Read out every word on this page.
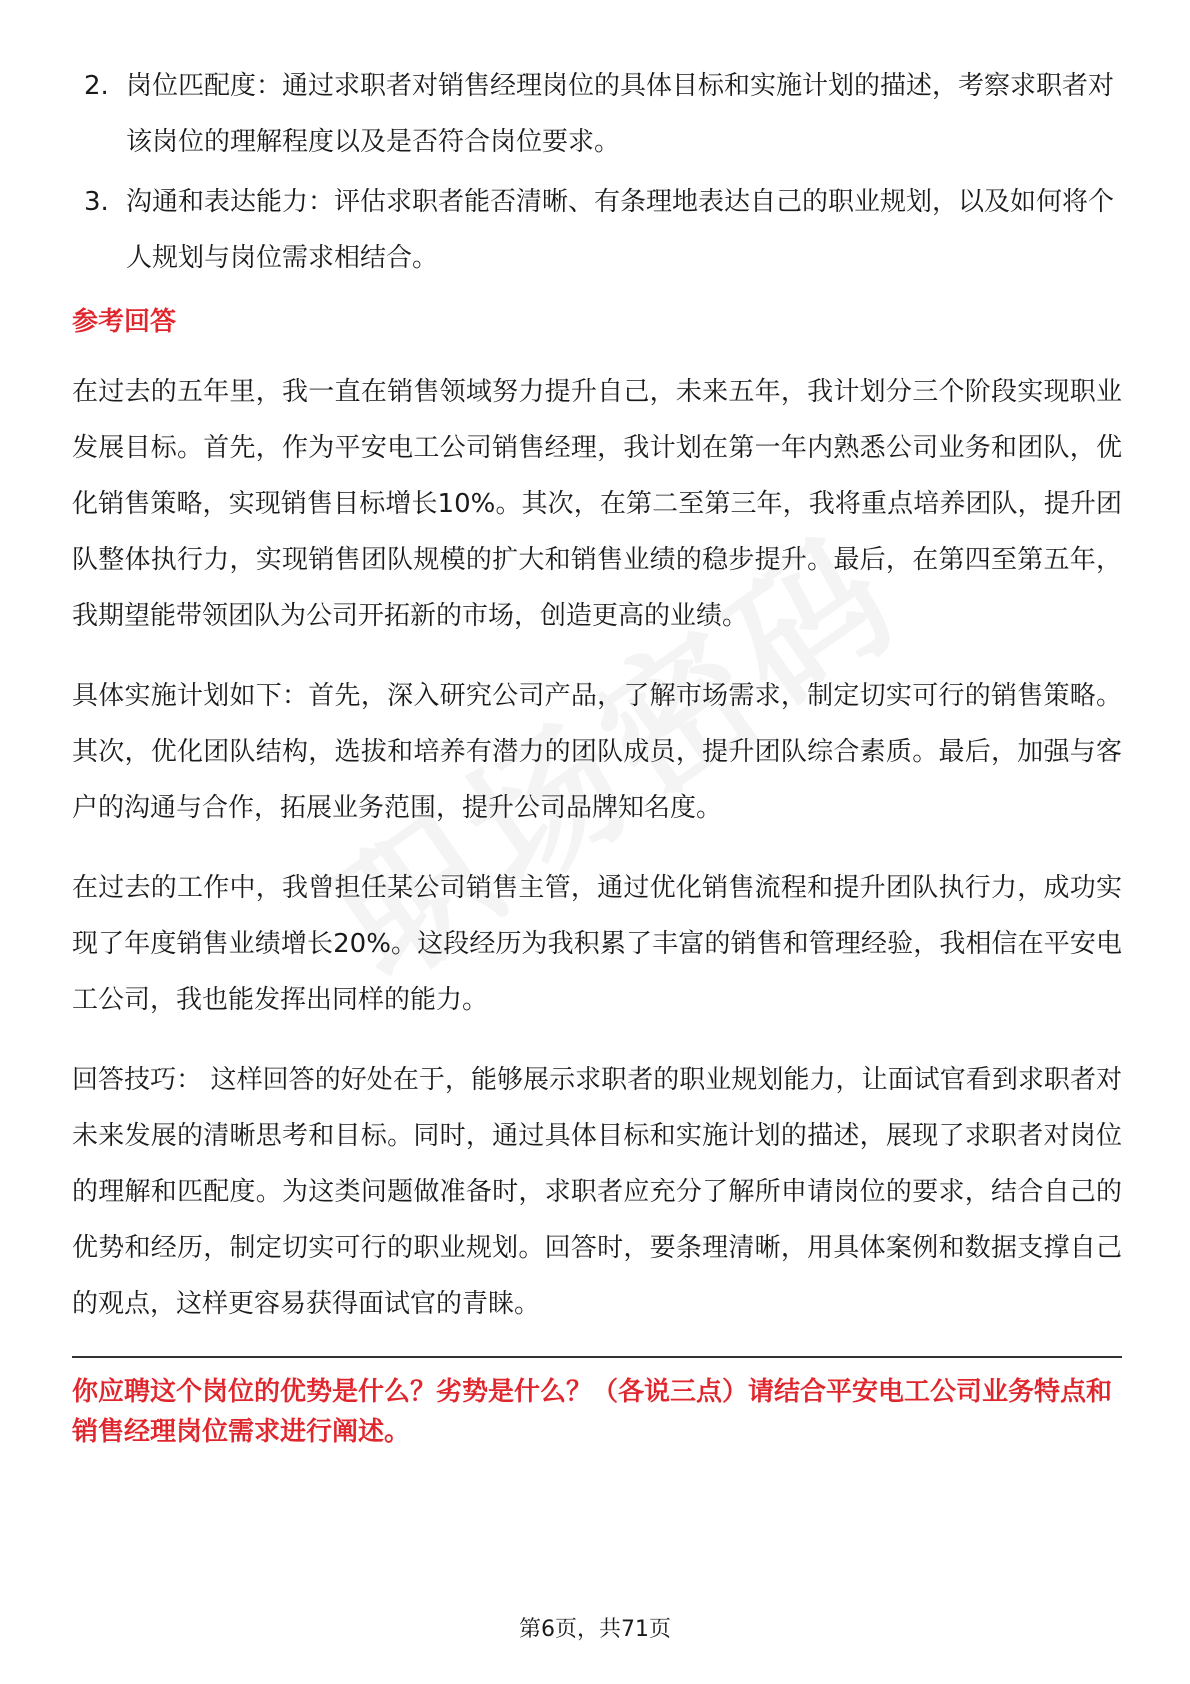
2. 岗位匹配度：通过求职者对销售经理岗位的具体目标和实施计划的描述，考察求职者对该岗位的理解程度以及是否符合岗位要求。
3. 沟通和表达能力：评估求职者能否清晰、有条理地表达自己的职业规划，以及如何将个人规划与岗位需求相结合。
参考回答

在过去的五年里，我一直在销售领域努力提升自己，未来五年，我计划分三个阶段实现职业发展目标。首先，作为平安电工公司销售经理，我计划在第一年内熟悉公司业务和团队，优化销售策略，实现销售目标增长10%。其次，在第二至第三年，我将重点培养团队，提升团队整体执行力，实现销售团队规模的扩大和销售业绩的稳步提升。最后，在第四至第五年，我期望能带领团队为公司开拓新的市场，创造更高的业绩。

具体实施计划如下：首先，深入研究公司产品，了解市场需求，制定切实可行的销售策略。其次，优化团队结构，选拔和培养有潜力的团队成员，提升团队综合素质。最后，加强与客户的沟通与合作，拓展业务范围，提升公司品牌知名度。

在过去的工作中，我曾担任某公司销售主管，通过优化销售流程和提升团队执行力，成功实现了年度销售业绩增长20%。这段经历为我积累了丰富的销售和管理经验，我相信在平安电工公司，我也能发挥出同样的能力。

回答技巧： 这样回答的好处在于，能够展示求职者的职业规划能力，让面试官看到求职者对未来发展的清晰思考和目标。同时，通过具体目标和实施计划的描述，展现了求职者对岗位的理解和匹配度。为这类问题做准备时，求职者应充分了解所申请岗位的要求，结合自己的优势和经历，制定切实可行的职业规划。回答时，要条理清晰，用具体案例和数据支撑自己的观点，这样更容易获得面试官的青睐。

你应聘这个岗位的优势是什么？劣势是什么？（各说三点）请结合平安电工公司业务特点和销售经理岗位需求进行阐述。
第6页，共71页
